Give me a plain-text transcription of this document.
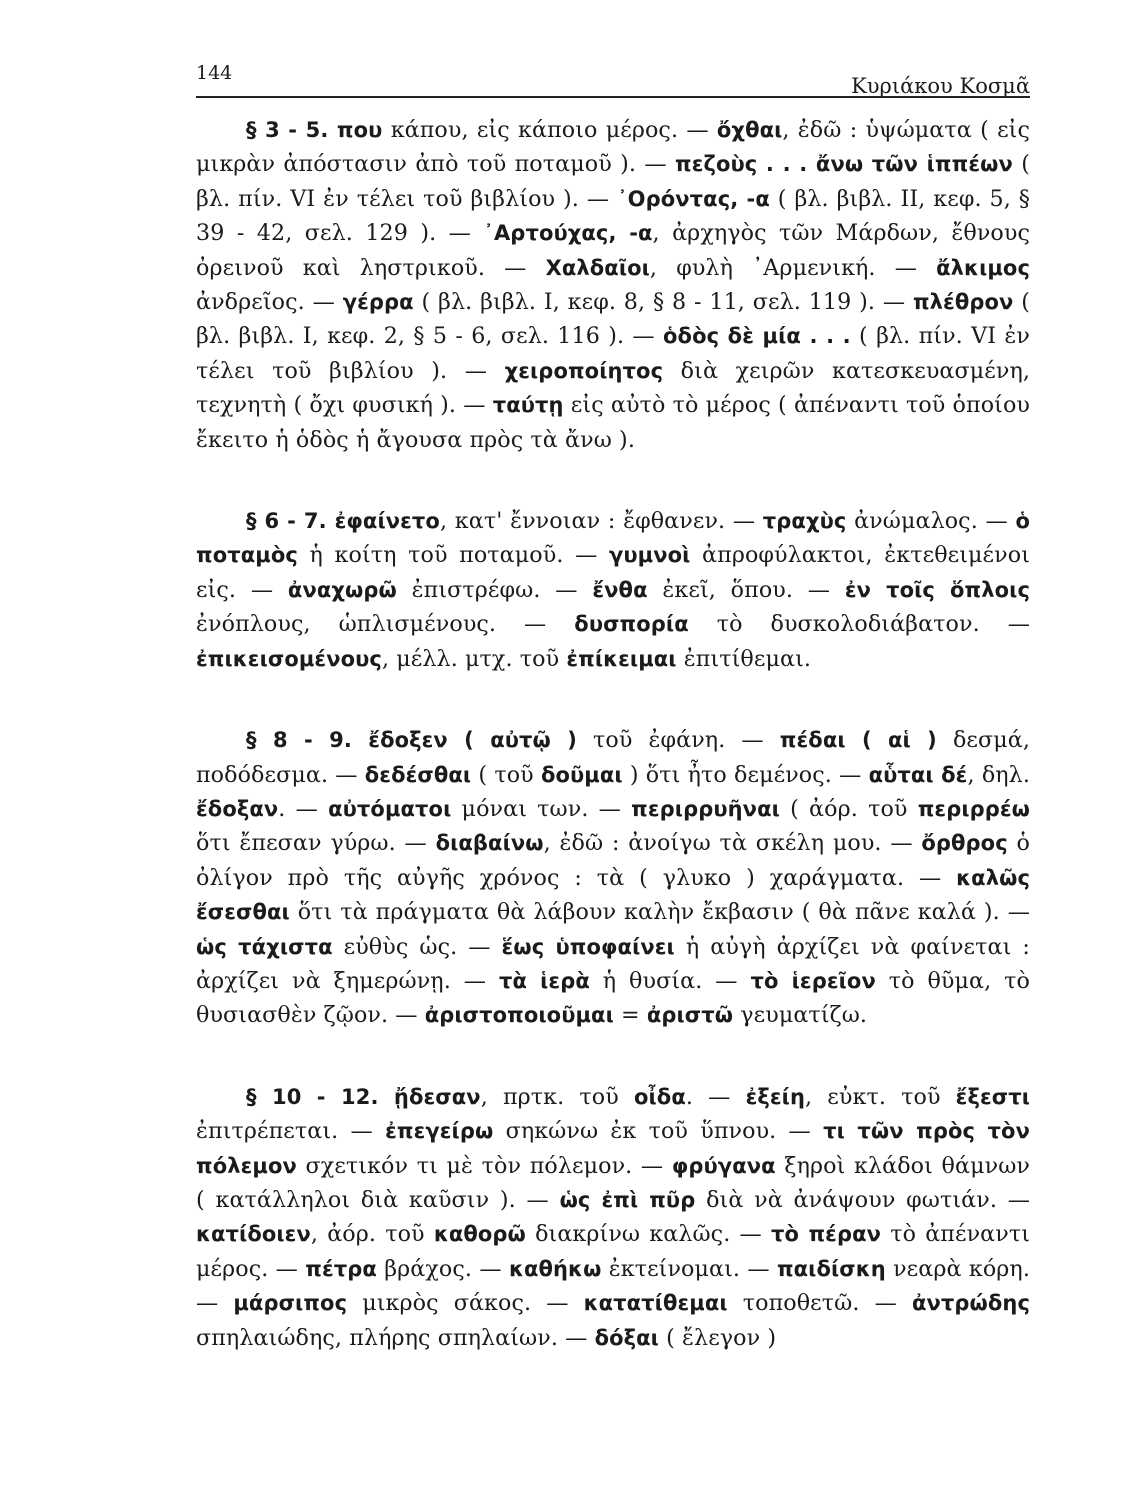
144
Κυριάκου Κοσμᾶ

§ 3 - 5. που κάπου, εἰς κάποιο μέρος. — ὄχθαι, ἐδῶ : ὑψώματα ( εἰς μικρὰν ἀπόστασιν ἀπὸ τοῦ ποταμοῦ ). — πεζοὺς . . . ἄνω τῶν ἱππέων ( βλ. πίν. VI ἐν τέλει τοῦ βιβλίου ). — ᾿Ορόντας, -α ( βλ. βιβλ. II, κεφ. 5, § 39 - 42, σελ. 129 ). — ᾿Αρτούχας, -α, ἀρχηγὸς τῶν Μάρδων, ἔθνους ὀρεινοῦ καὶ ληστρικοῦ. — Χαλδαῖοι, φυλὴ ᾿Αρμενική. — ἄλκιμος ἀνδρεῖος. — γέρρα ( βλ. βιβλ. I, κεφ. 8, § 8 - 11, σελ. 119 ). — πλέθρον ( βλ. βιβλ. I, κεφ. 2, § 5 - 6, σελ. 116 ). — ὁδὸς δὲ μία . . . ( βλ. πίν. VI ἐν τέλει τοῦ βιβλίου ). — χειροποίητος διὰ χειρῶν κατεσκευασμένη, τεχνητὴ ( ὄχι φυσική ). — ταύτῃ εἰς αὐτὸ τὸ μέρος ( ἀπέναντι τοῦ ὁποίου ἔκειτο ἡ ὁδὸς ἡ ἄγουσα πρὸς τὰ ἄνω ).

§ 6 - 7. ἐφαίνετο, κατ' ἔννοιαν : ἔφθανεν. — τραχὺς ἀνώμαλος. — ὁ ποταμὸς ἡ κοίτη τοῦ ποταμοῦ. — γυμνοὶ ἀπροφύλακτοι, ἐκτεθειμένοι εἰς. — ἀναχωρῶ ἐπιστρέφω. — ἔνθα ἐκεῖ, ὅπου. — ἐν τοῖς ὅπλοις ἐνόπλους, ὡπλισμένους. — δυσπορία τὸ δυσκολοδιάβατον. — ἐπικεισομένους, μέλλ. μτχ. τοῦ ἐπίκειμαι ἐπιτίθεμαι.

§ 8 - 9. ἔδοξεν ( αὐτῷ ) τοῦ ἐφάνη. — πέδαι ( αἱ ) δεσμά, ποδόδεσμα. — δεδέσθαι ( τοῦ δοῦμαι ) ὅτι ἦτο δεμένος. — αὗται δέ, δηλ. ἔδοξαν. — αὐτόματοι μόναι των. — περιρρυῆναι ( ἀόρ. τοῦ περιρρέω ὅτι ἔπεσαν γύρω. — διαβαίνω, ἐδῶ : ἀνοίγω τὰ σκέλη μου. — ὄρθρος ὁ ὀλίγον πρὸ τῆς αὐγῆς χρόνος : τὰ ( γλυκο ) χαράγματα. — καλῶς ἔσεσθαι ὅτι τὰ πράγματα θὰ λάβουν καλὴν ἔκβασιν ( θὰ πᾶνε καλά ). — ὡς τάχιστα εὐθὺς ὡς. — ἕως ὑποφαίνει ἡ αὐγὴ ἀρχίζει νὰ φαίνεται : ἀρχίζει νὰ ξημερώνῃ. — τὰ ἱερὰ ἡ θυσία. — τὸ ἱερεῖον τὸ θῦμα, τὸ θυσιασθὲν ζῷον. — ἀριστοποιοῦμαι = ἀριστῶ γευματίζω.

§ 10 - 12. ᾔδεσαν, πρτκ. τοῦ οἶδα. — ἐξείη, εὐκτ. τοῦ ἔξεστι ἐπιτρέπεται. — ἐπεγείρω σηκώνω ἐκ τοῦ ὕπνου. — τι τῶν πρὸς τὸν πόλεμον σχετικόν τι μὲ τὸν πόλεμον. — φρύγανα ξηροὶ κλάδοι θάμνων ( κατάλληλοι διὰ καῦσιν ). — ὡς ἐπὶ πῦρ διὰ νὰ ἀνάψουν φωτιάν. — κατίδοιεν, ἀόρ. τοῦ καθορῶ διακρίνω καλῶς. — τὸ πέραν τὸ ἀπέναντι μέρος. — πέτρα βράχος. — καθήκω ἐκτείνομαι. — παιδίσκη νεαρὰ κόρη. — μάρσιπος μικρὸς σάκος. — κατατίθεμαι τοποθετῶ. — ἀντρώδης σπηλαιώδης, πλήρης σπηλαίων. — δόξαι ( ἔλεγον )
